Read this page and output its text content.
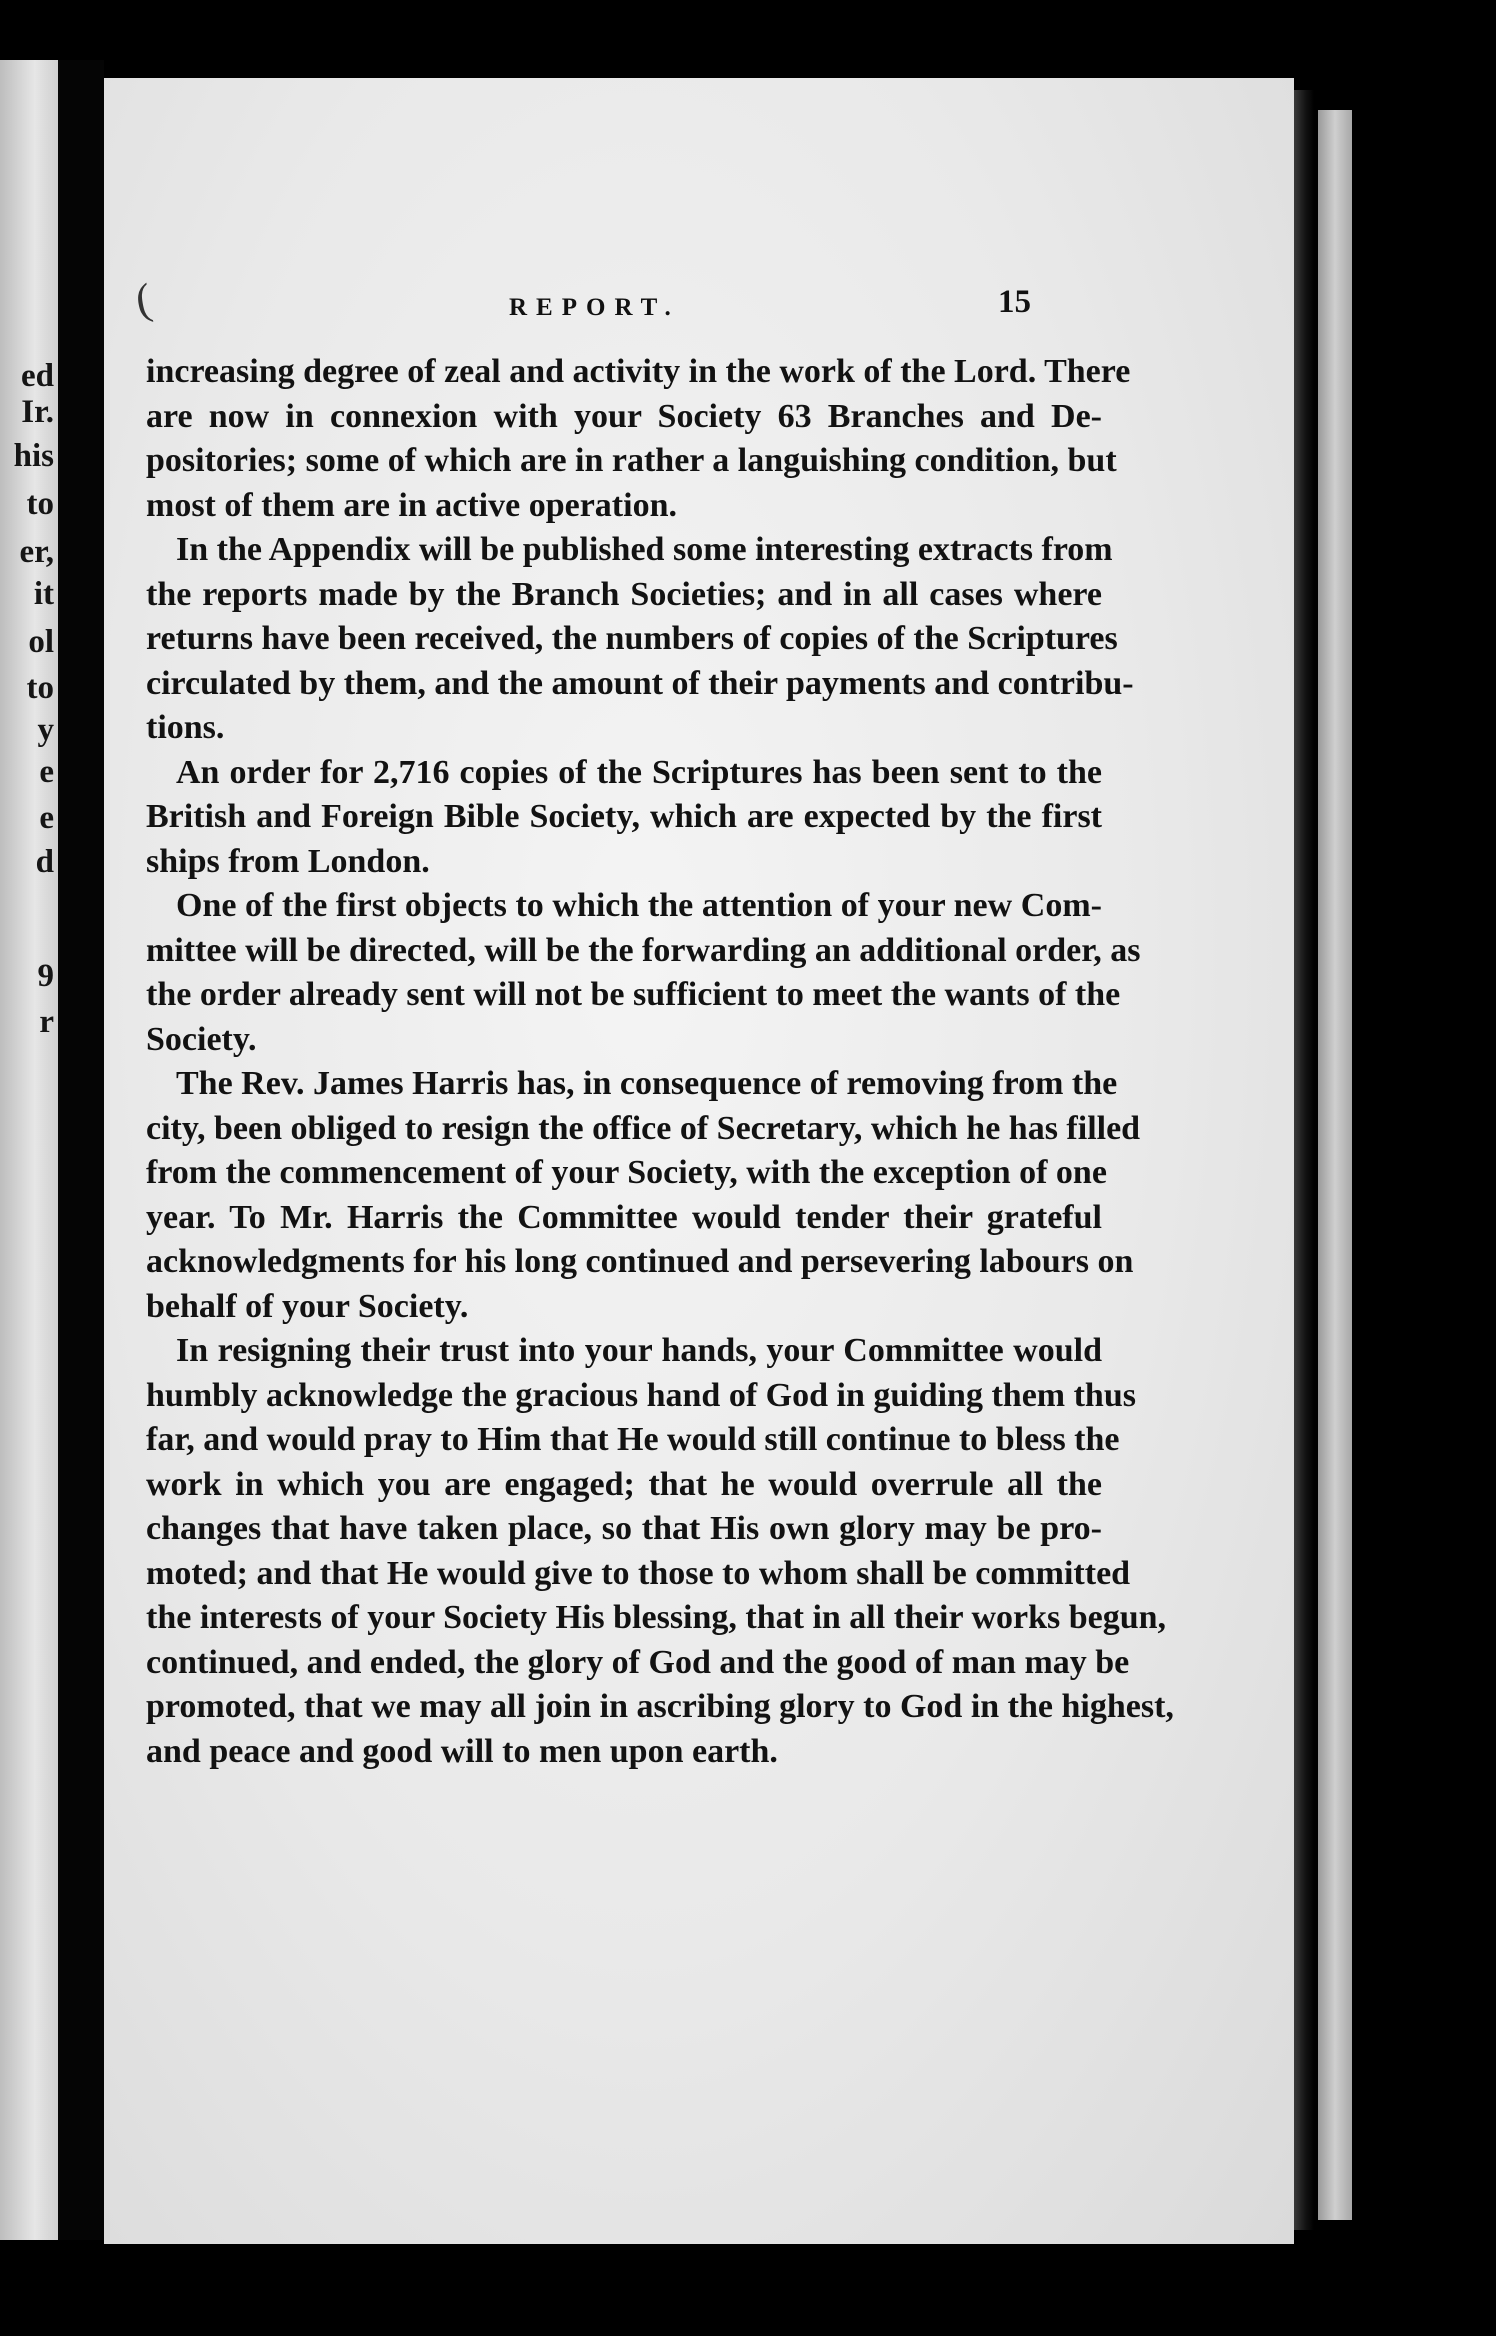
ed
Ir.
his
to
er,
it
ol
to
y
e
e
d
9
r
REPORT.	15
(
increasing degree of zeal and activity in the work of the Lord. There
are now in connexion with your Society 63 Branches and De-
positories; some of which are in rather a languishing condition, but
most of them are in active operation.
In the Appendix will be published some interesting extracts from
the reports made by the Branch Societies; and in all cases where
returns have been received, the numbers of copies of the Scriptures
circulated by them, and the amount of their payments and contribu-
tions.
An order for 2,716 copies of the Scriptures has been sent to the
British and Foreign Bible Society, which are expected by the first
ships from London.
One of the first objects to which the attention of your new Com-
mittee will be directed, will be the forwarding an additional order, as
the order already sent will not be sufficient to meet the wants of the
Society.
The Rev. James Harris has, in consequence of removing from the
city, been obliged to resign the office of Secretary, which he has filled
from the commencement of your Society, with the exception of one
year. To Mr. Harris the Committee would tender their grateful
acknowledgments for his long continued and persevering labours on
behalf of your Society.
In resigning their trust into your hands, your Committee would
humbly acknowledge the gracious hand of God in guiding them thus
far, and would pray to Him that He would still continue to bless the
work in which you are engaged; that he would overrule all the
changes that have taken place, so that His own glory may be pro-
moted; and that He would give to those to whom shall be committed
the interests of your Society His blessing, that in all their works begun,
continued, and ended, the glory of God and the good of man may be
promoted, that we may all join in ascribing glory to God in the highest,
and peace and good will to men upon earth.
